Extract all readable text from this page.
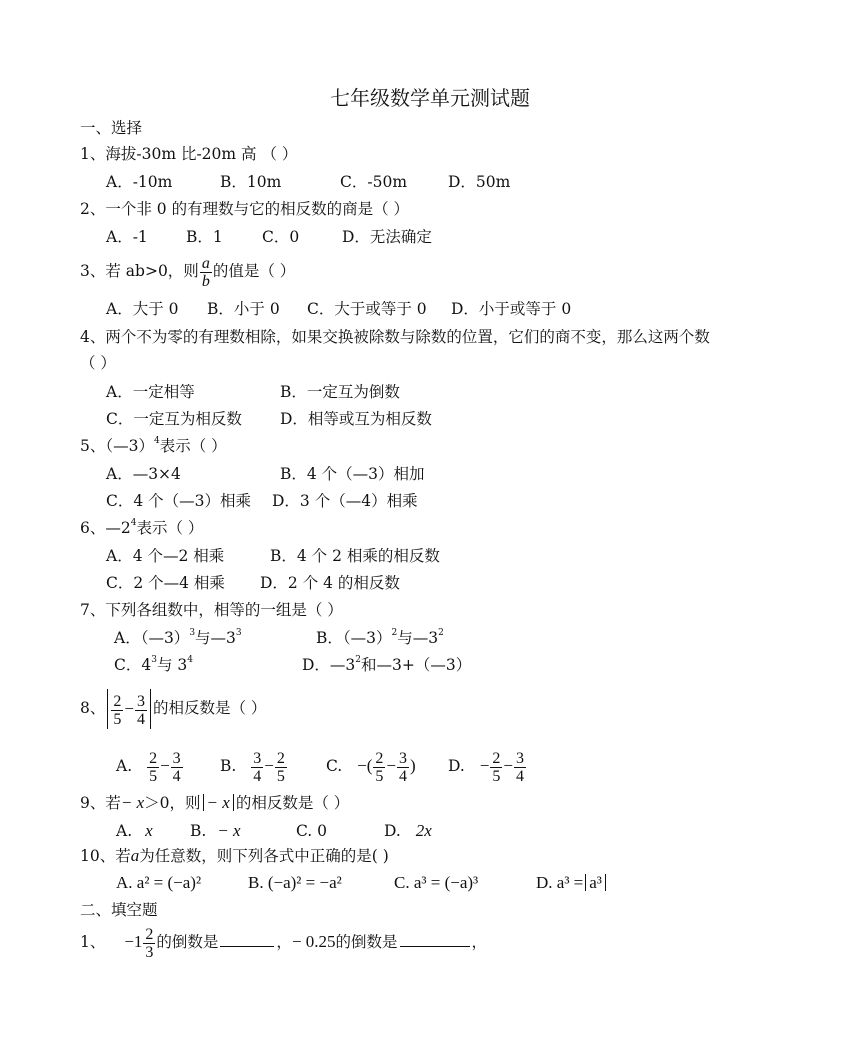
七年级数学单元测试题
一、选择
1、海拔-30m 比-20m 高 （ ）
A．-10m	B．10m	C．-50m	D．50m
2、一个非 0 的有理数与它的相反数的商是（ ）
A．-1 B．1	C．0	D．无法确定
3、若 ab>0，则 $\frac{a}{b}$ 的值是（ ）
A．大于 0 B．小于 0 C．大于或等于 0 D．小于或等于 0
4、两个不为零的有理数相除，如果交换被除数与除数的位置，它们的商不变，那么这两个数
（ ）
A．一定相等	B．一定互为倒数
C．一定互为相反数 D．相等或互为相反数
5、（—3）$^4$表示（ ）
A．—3×4	B．4 个（—3）相加
C．4 个（—3）相乘 D．3 个（—4）相乘
6、$—2^4$表示（ ）
A．4 个—2 相乘	B．4 个 2 相乘的相反数
C．2 个—4 相乘 D．2 个 4 的相反数
7、下列各组数中，相等的一组是（ ）
A．（—3）$^3$与$—3^3$	B．（—3）$^2$与$—3^2$
C．$4^3$与 $3^4$	D．$—3^2$和—3+（—3）
8、 $\frac{2}{5} - \frac{3}{4}$ 的相反数是（ ）
A. $\frac{2}{5} - \frac{3}{4} B$. $\frac{3}{4} - \frac{2}{5}$	C. −( $\frac{2}{5} - \frac{3}{4}$ ) D. − $\frac{2}{5} - \frac{3}{4}$
9、若− x＞0，则 − x 的相反数是（ ）
A. x B. − x	C. 0	D. 2x
10、若a为任意数，则下列各式中正确的是( )
A. a² = (−a)²	B. (−a)² = −a²	C. a³ = (−a)³	D. a³ = a³
二、填空题
1、 $-1 \frac{2}{3}$ 的倒数是	，− 0.25的倒数是	，
